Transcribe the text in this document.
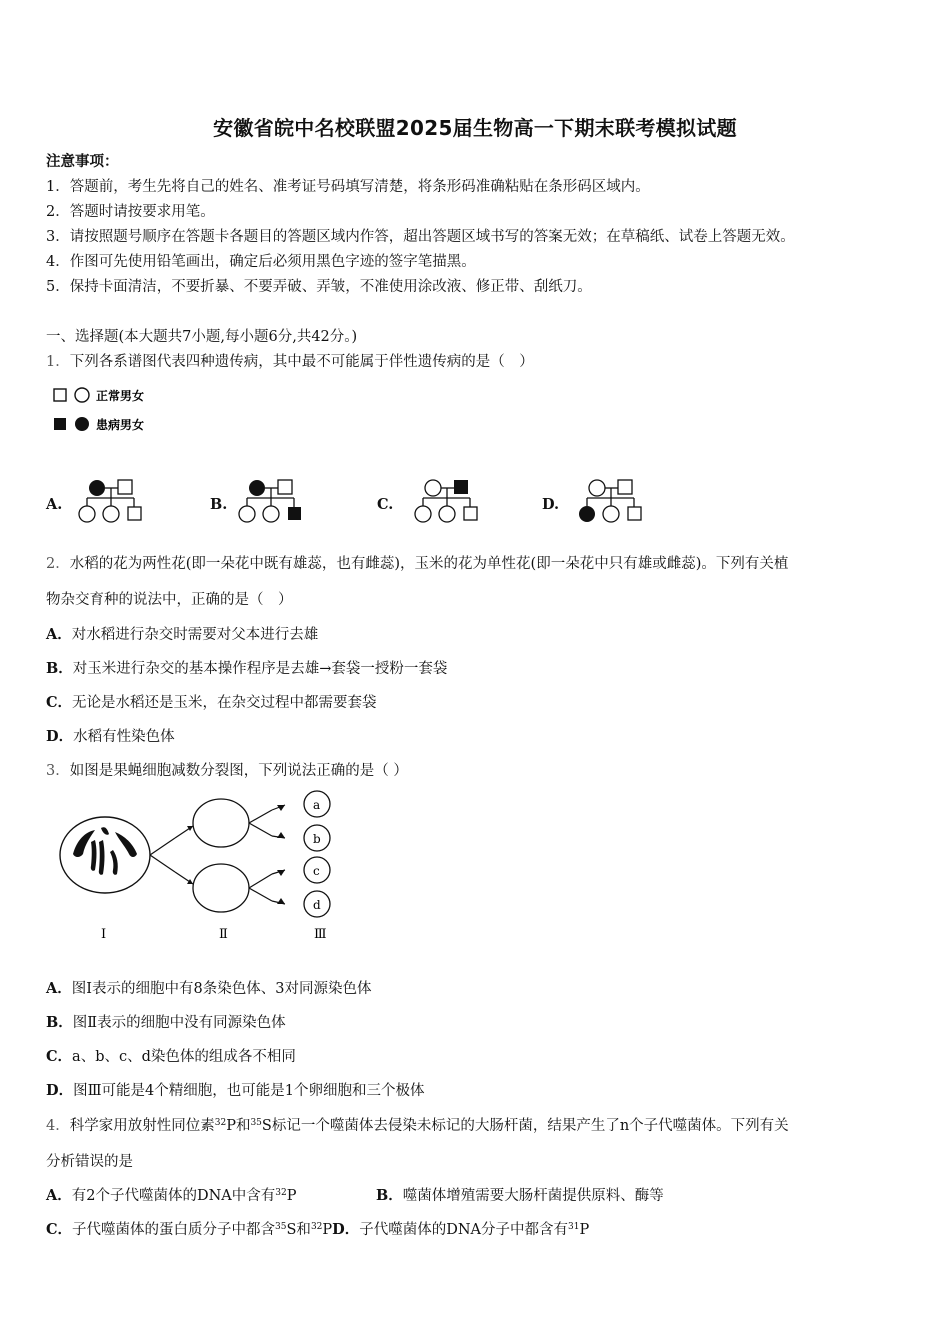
安徽省皖中名校联盟2025届生物高一下期末联考模拟试题
注意事项：
1．答题前，考生先将自己的姓名、准考证号码填写清楚，将条形码准确粘贴在条形码区域内。
2．答题时请按要求用笔。
3．请按照题号顺序在答题卡各题目的答题区域内作答，超出答题区域书写的答案无效；在草稿纸、试卷上答题无效。
4．作图可先使用铅笔画出，确定后必须用黑色字迹的签字笔描黑。
5．保持卡面清洁，不要折暴、不要弄破、弄皱，不准使用涂改液、修正带、刮纸刀。
一、选择题(本大题共7小题,每小题6分,共42分。)
1．下列各系谱图代表四种遗传病，其中最不可能属于伴性遗传病的是（　）
正常男女
患病男女
A.	B.	C.	D.
2．水稻的花为两性花(即一朵花中既有雄蕊，也有雌蕊)，玉米的花为单性花(即一朵花中只有雄或雌蕊)。下列有关植
物杂交育种的说法中，正确的是（　）
A．对水稻进行杂交时需要对父本进行去雄
B．对玉米进行杂交的基本操作程序是去雄→套袋一授粉一套袋
C．无论是水稻还是玉米，在杂交过程中都需要套袋
D．水稻有性染色体
3．如图是果蝇细胞减数分裂图，下列说法正确的是（ ）
a
b
c
d
Ⅰ	Ⅱ	Ⅲ
A．图Ⅰ表示的细胞中有8条染色体、3对同源染色体
B．图Ⅱ表示的细胞中没有同源染色体
C．a、b、c、d染色体的组成各不相同
D．图Ⅲ可能是4个精细胞，也可能是1个卵细胞和三个极体
4．科学家用放射性同位素$^{32}$P和$^{35}$S标记一个噬菌体去侵染未标记的大肠杆菌，结果产生了n个子代噬菌体。下列有关
分析错误的是
A．有2个子代噬菌体的DNA中含有$^{32}$P	B．噬菌体增殖需要大肠杆菌提供原料、酶等
C．子代噬菌体的蛋白质分子中都含$^{35}$S和$^{32}$PD．子代噬菌体的DNA分子中都含有$^{31}$P
